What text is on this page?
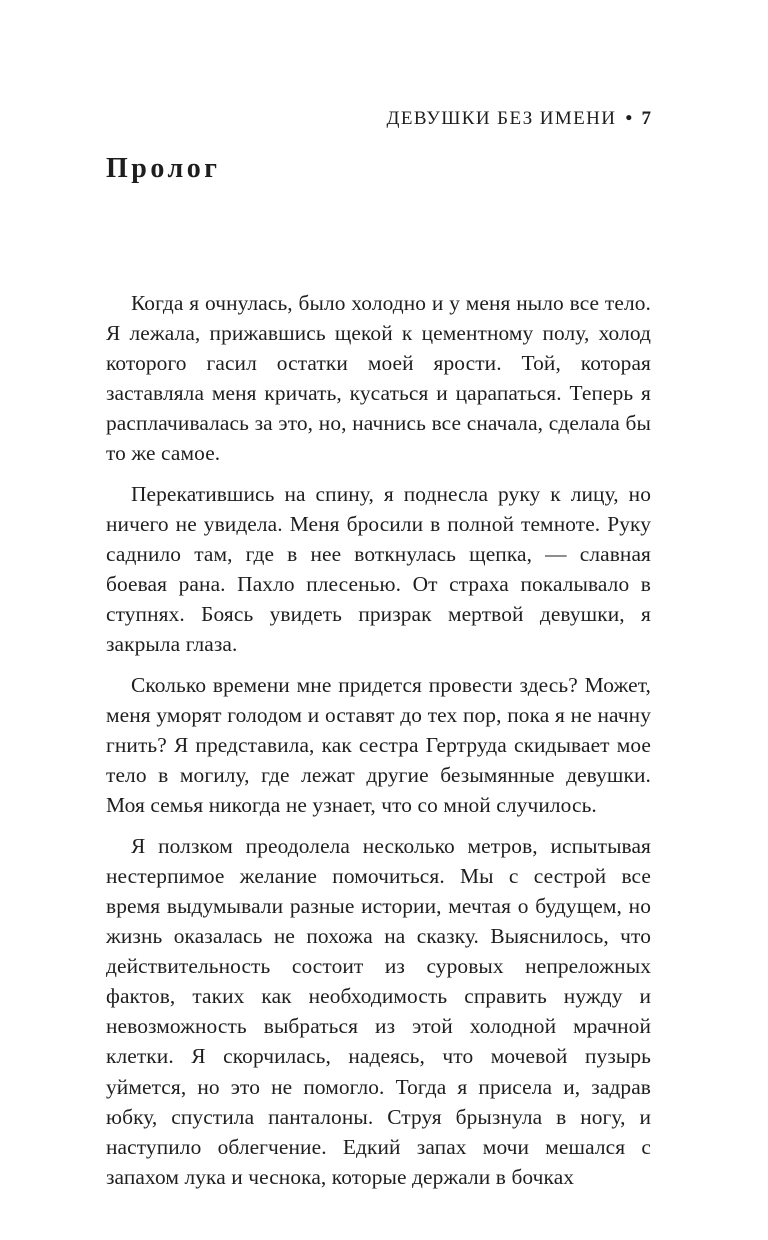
ДЕВУШКИ БЕЗ ИМЕНИ • 7
Пролог

Когда я очнулась, было холодно и у меня ныло все тело. Я лежала, прижавшись щекой к цементному полу, холод которого гасил остатки моей ярости. Той, которая заставляла меня кричать, кусаться и царапаться. Теперь я расплачивалась за это, но, начнись все сначала, сделала бы то же самое.

Перекатившись на спину, я поднесла руку к лицу, но ничего не увидела. Меня бросили в полной темноте. Руку саднило там, где в нее воткнулась щепка, — славная боевая рана. Пахло плесенью. От страха покалывало в ступнях. Боясь увидеть призрак мертвой девушки, я закрыла глаза.

Сколько времени мне придется провести здесь? Может, меня уморят голодом и оставят до тех пор, пока я не начну гнить? Я представила, как сестра Гертруда скидывает мое тело в могилу, где лежат другие безымянные девушки. Моя семья никогда не узнает, что со мной случилось.

Я ползком преодолела несколько метров, испытывая нестерпимое желание помочиться. Мы с сестрой все время выдумывали разные истории, мечтая о будущем, но жизнь оказалась не похожа на сказку. Выяснилось, что действительность состоит из суровых непреложных фактов, таких как необходимость справить нужду и невозможность выбраться из этой холодной мрачной клетки. Я скорчилась, надеясь, что мочевой пузырь уймется, но это не помогло. Тогда я присела и, задрав юбку, спустила панталоны. Струя брызнула в ногу, и наступило облегчение. Едкий запах мочи мешался с запахом лука и чеснока, которые держали в бочках
